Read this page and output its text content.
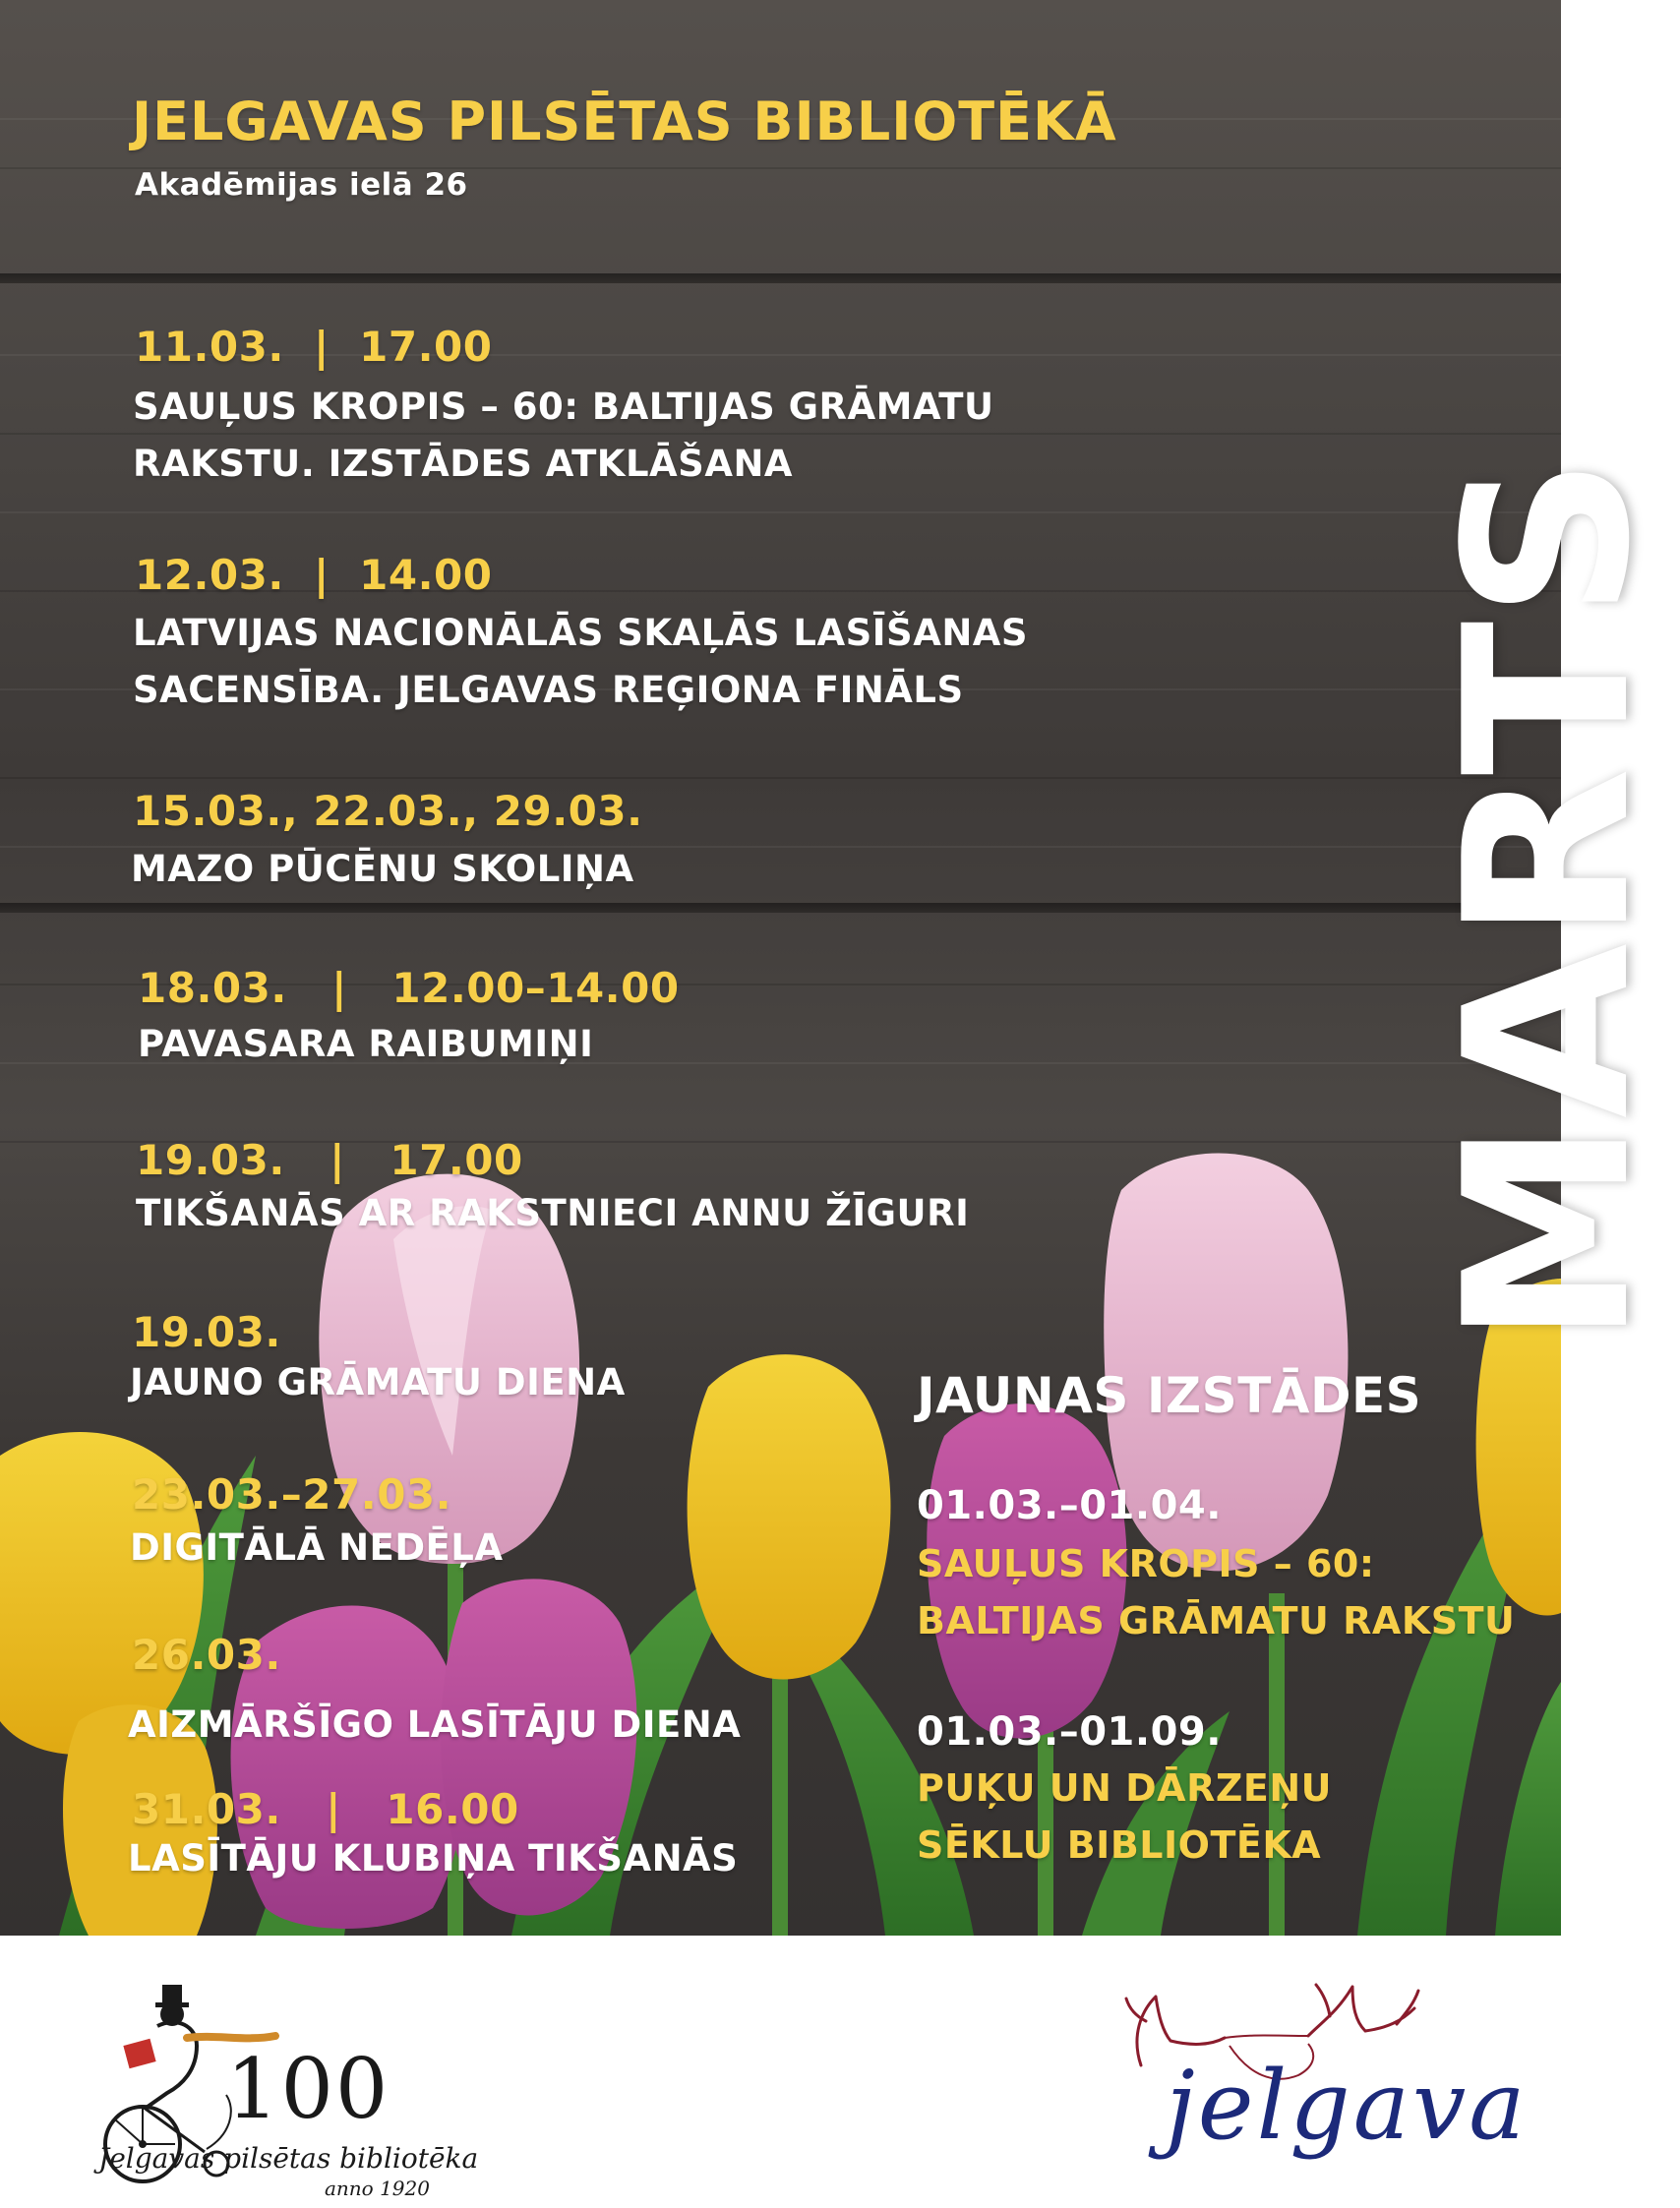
JELGAVAS PILSĒTAS BIBLIOTĒKĀ
Akadēmijas ielā 26
MARTS
11.03.  |  17.00
SAUĻUS KROPIS – 60: BALTIJAS GRĀMATU
RAKSTU. IZSTĀDES ATKLĀŠANA
12.03.  |  14.00
LATVIJAS NACIONĀLĀS SKAĻĀS LASĪŠANAS
SACENSĪBA. JELGAVAS REĢIONA FINĀLS
15.03., 22.03., 29.03.
MAZO PŪCĒNU SKOLIŅA
18.03.   |   12.00–14.00
PAVASARA RAIBUMIŅI
19.03.   |   17.00
TIKŠANĀS AR RAKSTNIECI ANNU ŽĪGURI
19.03.
JAUNO GRĀMATU DIENA
23.03.–27.03.
DIGITĀLĀ NEDĒĻA
26.03.
AIZMĀRŠĪGO LASĪTĀJU DIENA
31.03.   |   16.00
LASĪTĀJU KLUBIŅA TIKŠANĀS
JAUNAS IZSTĀDES
01.03.–01.04.
SAUĻUS KROPIS – 60:
BALTIJAS GRĀMATU RAKSTU
01.03.–01.09.
PUĶU UN DĀRZEŅU
SĒKLU BIBLIOTĒKA
100
Jelgavas pilsētas bibliotēka
anno 1920
jelgava
